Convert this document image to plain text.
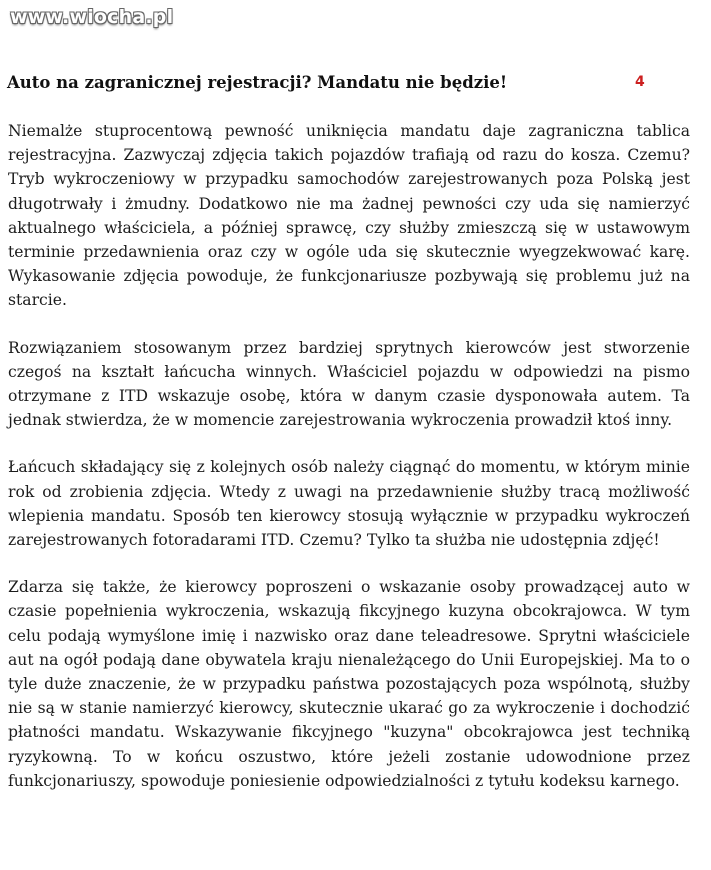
www.wiocha.pl
Auto na zagranicznej rejestracji? Mandatu nie będzie!	4

Niemalże stuprocentową pewność uniknięcia mandatu daje zagraniczna tablica rejestracyjna. Zazwyczaj zdjęcia takich pojazdów trafiają od razu do kosza. Czemu? Tryb wykroczeniowy w przypadku samochodów zarejestrowanych poza Polską jest długotrwały i żmudny. Dodatkowo nie ma żadnej pewności czy uda się namierzyć aktualnego właściciela, a później sprawcę, czy służby zmieszczą się w ustawowym terminie przedawnienia oraz czy w ogóle uda się skutecznie wyegzekwować karę. Wykasowanie zdjęcia powoduje, że funkcjonariusze pozbywają się problemu już na starcie.

Rozwiązaniem stosowanym przez bardziej sprytnych kierowców jest stworzenie czegoś na kształt łańcucha winnych. Właściciel pojazdu w odpowiedzi na pismo otrzymane z ITD wskazuje osobę, która w danym czasie dysponowała autem. Ta jednak stwierdza, że w momencie zarejestrowania wykroczenia prowadził ktoś inny.

Łańcuch składający się z kolejnych osób należy ciągnąć do momentu, w którym minie rok od zrobienia zdjęcia. Wtedy z uwagi na przedawnienie służby tracą możliwość wlepienia mandatu. Sposób ten kierowcy stosują wyłącznie w przypadku wykroczeń zarejestrowanych fotoradarami ITD. Czemu? Tylko ta służba nie udostępnia zdjęć!

Zdarza się także, że kierowcy poproszeni o wskazanie osoby prowadzącej auto w czasie popełnienia wykroczenia, wskazują fikcyjnego kuzyna obcokrajowca. W tym celu podają wymyślone imię i nazwisko oraz dane teleadresowe. Sprytni właściciele aut na ogół podają dane obywatela kraju nienależącego do Unii Europejskiej. Ma to o tyle duże znaczenie, że w przypadku państwa pozostających poza wspólnotą, służby nie są w stanie namierzyć kierowcy, skutecznie ukarać go za wykroczenie i dochodzić płatności mandatu. Wskazywanie fikcyjnego "kuzyna" obcokrajowca jest techniką ryzykowną. To w końcu oszustwo, które jeżeli zostanie udowodnione przez funkcjonariuszy, spowoduje poniesienie odpowiedzialności z tytułu kodeksu karnego.
